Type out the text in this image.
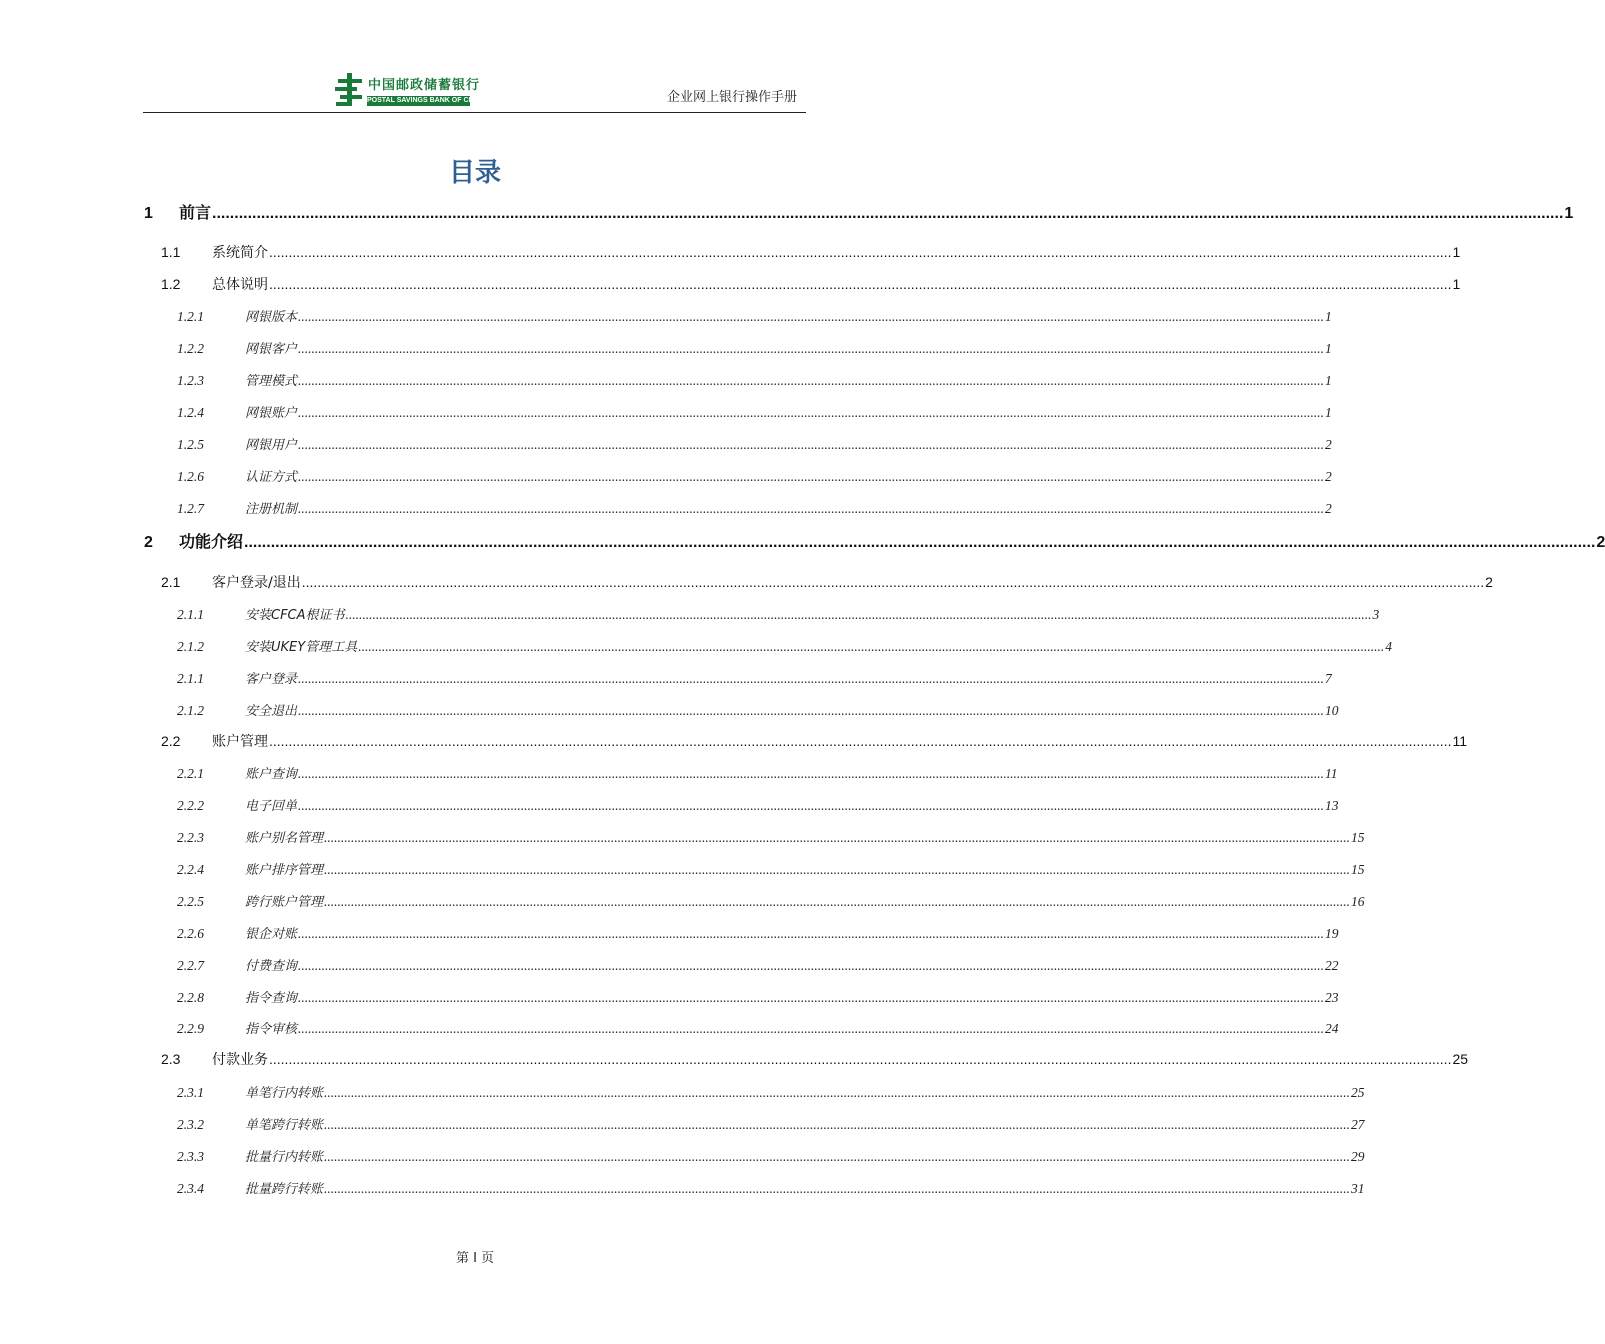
中国邮政储蓄银行
POSTAL SAVINGS BANK OF CHINA	企业网上银行操作手册
目录
1	前言 .....	1
1.1	系统简介 .....	1
1.2	总体说明 .....	1
1.2.1	网银版本 .....	1
1.2.2	网银客户 .....	1
1.2.3	管理模式 .....	1
1.2.4	网银账户 .....	1
1.2.5	网银用户 .....	2
1.2.6	认证方式 .....	2
1.2.7	注册机制 .....	2
2	功能介绍 .....	2
2.1	客户登录/退出 .....	2
2.1.1	安装CFCA根证书 .....	3
2.1.2	安装UKEY管理工具 .....	4
2.1.1	客户登录 .....	7
2.1.2	安全退出 .....	10
2.2	账户管理 .....	11
2.2.1	账户查询 .....	11
2.2.2	电子回单 .....	13
2.2.3	账户别名管理 .....	15
2.2.4	账户排序管理 .....	15
2.2.5	跨行账户管理 .....	16
2.2.6	银企对账 .....	19
2.2.7	付费查询 .....	22
2.2.8	指令查询 .....	23
2.2.9	指令审核 .....	24
2.3	付款业务 .....	25
2.3.1	单笔行内转账 .....	25
2.3.2	单笔跨行转账 .....	27
2.3.3	批量行内转账 .....	29
2.3.4	批量跨行转账 .....	31
第 I 页
